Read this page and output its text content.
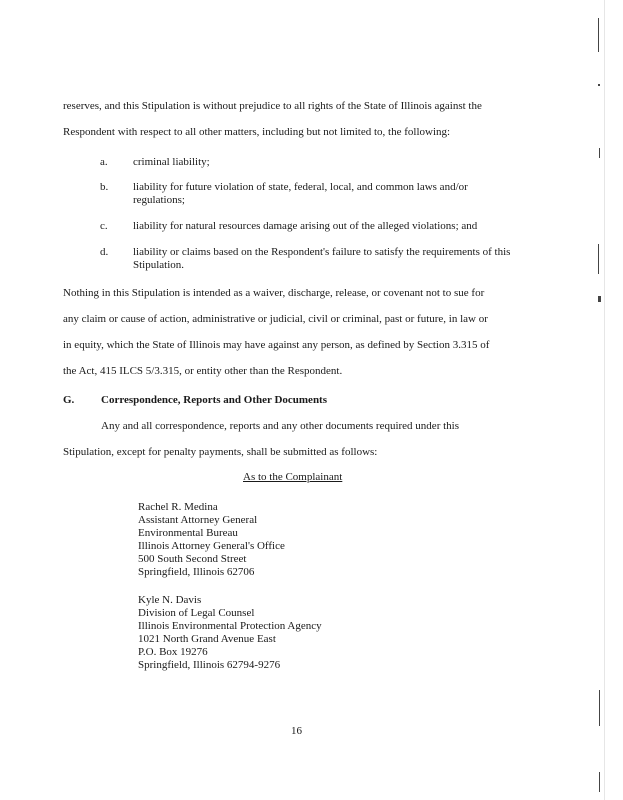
reserves, and this Stipulation is without prejudice to all rights of the State of Illinois against the
Respondent with respect to all other matters, including but not limited to, the following:
a. criminal liability;
b. liability for future violation of state, federal, local, and common laws and/or regulations;
c. liability for natural resources damage arising out of the alleged violations; and
d. liability or claims based on the Respondent's failure to satisfy the requirements of this Stipulation.
Nothing in this Stipulation is intended as a waiver, discharge, release, or covenant not to sue for
any claim or cause of action, administrative or judicial, civil or criminal, past or future, in law or
in equity, which the State of Illinois may have against any person, as defined by Section 3.315 of
the Act, 415 ILCS 5/3.315, or entity other than the Respondent.
G. Correspondence, Reports and Other Documents
Any and all correspondence, reports and any other documents required under this
Stipulation, except for penalty payments, shall be submitted as follows:
As to the Complainant
Rachel R. Medina
Assistant Attorney General
Environmental Bureau
Illinois Attorney General's Office
500 South Second Street
Springfield, Illinois 62706
Kyle N. Davis
Division of Legal Counsel
Illinois Environmental Protection Agency
1021 North Grand Avenue East
P.O. Box 19276
Springfield, Illinois 62794-9276
16
